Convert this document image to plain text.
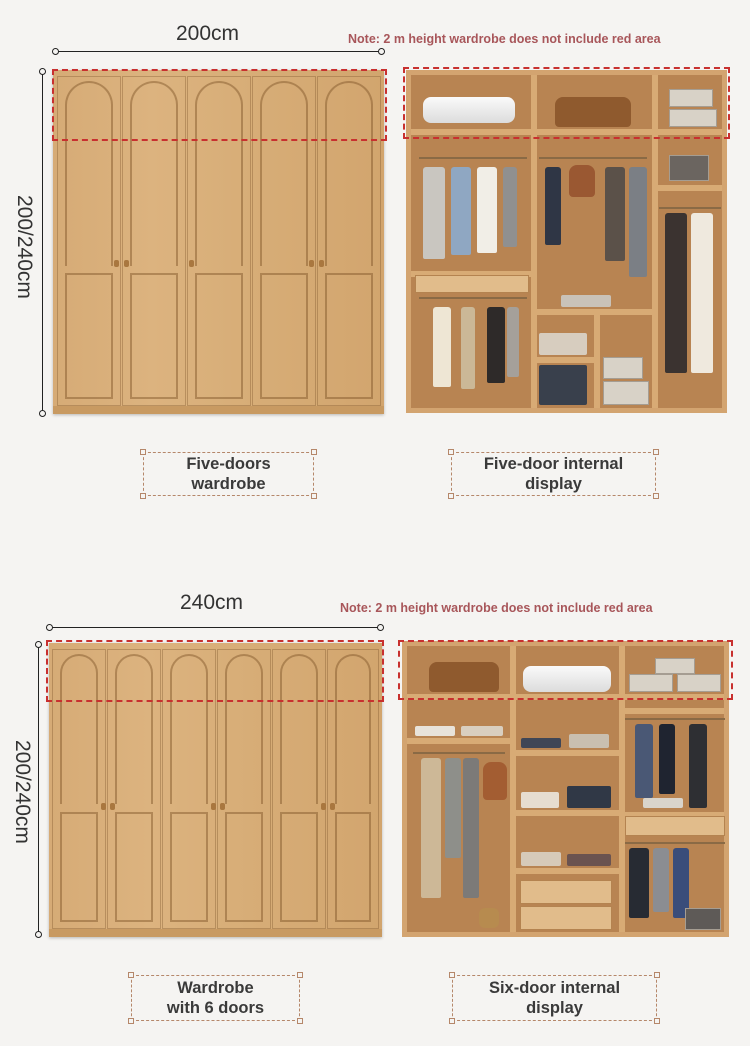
200cm
200/240cm
Note: 2 m height wardrobe does not include red area
Five-doors
wardrobe
Five-door internal
display
240cm
200/240cm
Note: 2 m height wardrobe does not include red area
Wardrobe
with 6 doors
Six-door internal
display
